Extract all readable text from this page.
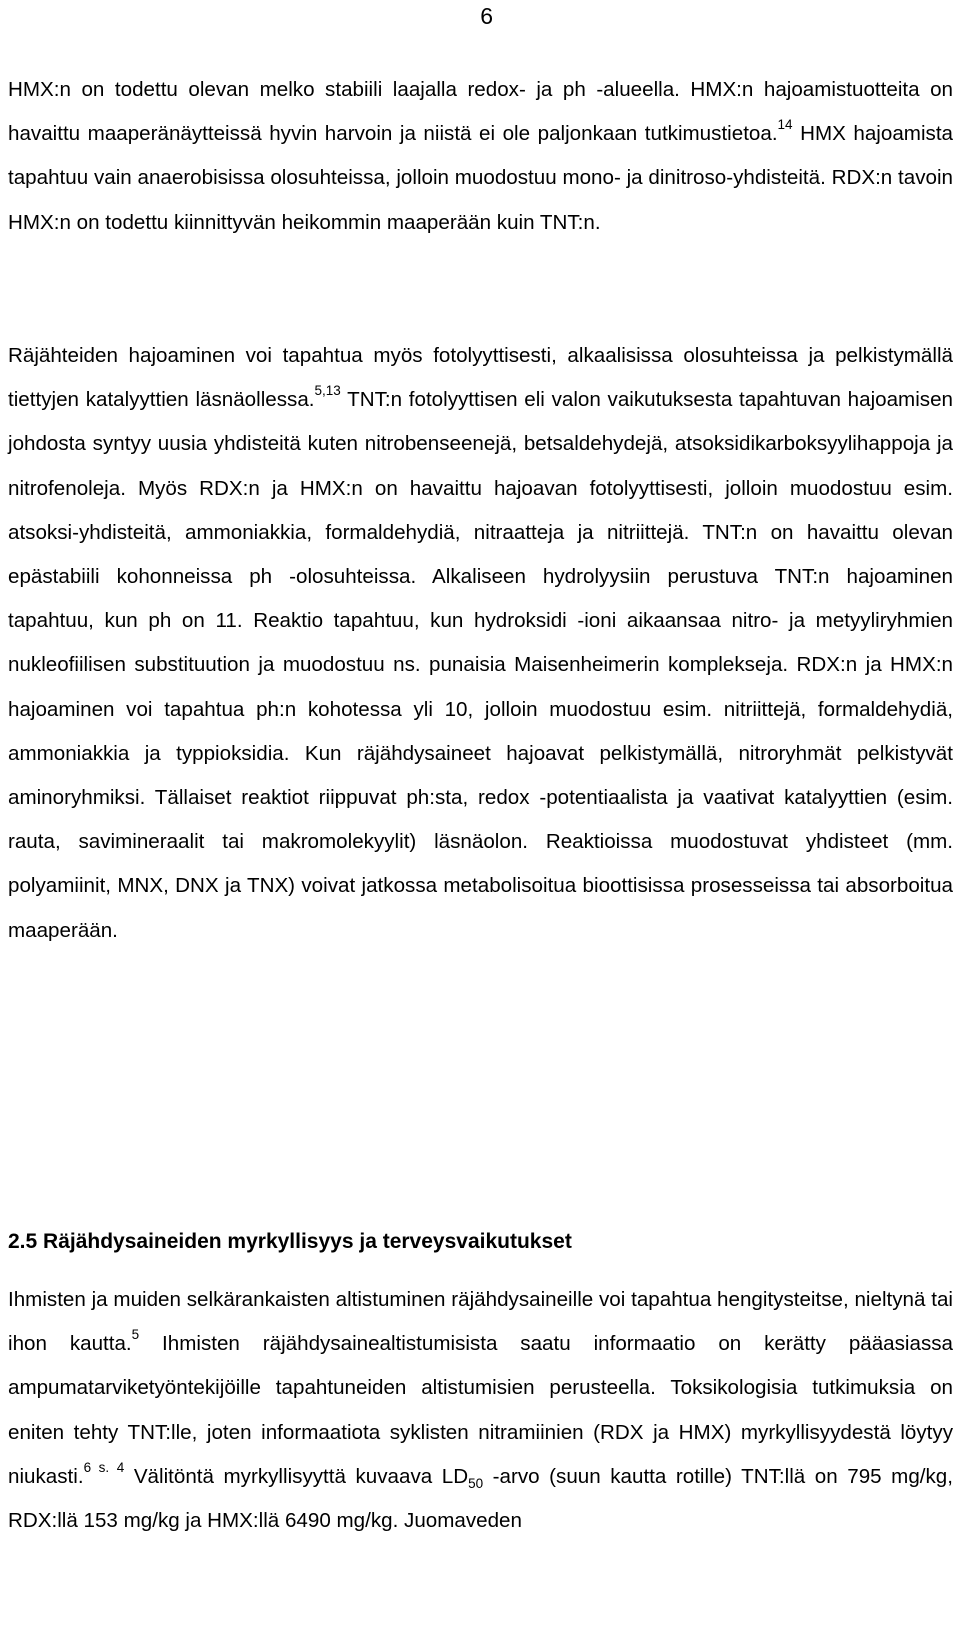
6

HMX:n on todettu olevan melko stabiili laajalla redox- ja ph -alueella. HMX:n hajoamistuotteita on havaittu maaperänäytteissä hyvin harvoin ja niistä ei ole paljonkaan tutkimustietoa.$^{14}$ HMX hajoamista tapahtuu vain anaerobisissa olosuhteissa, jolloin muodostuu mono- ja dinitroso-yhdisteitä. RDX:n tavoin HMX:n on todettu kiinnittyvän heikommin maaperään kuin TNT:n.

Räjähteiden hajoaminen voi tapahtua myös fotolyyttisesti, alkaalisissa olosuhteissa ja pelkistymällä tiettyjen katalyyttien läsnäollessa.$^{5,13}$ TNT:n fotolyyttisen eli valon vaikutuksesta tapahtuvan hajoamisen johdosta syntyy uusia yhdisteitä kuten nitrobenseenejä, betsaldehydejä, atsoksidikarboksyylihappoja ja nitrofenoleja. Myös RDX:n ja HMX:n on havaittu hajoavan fotolyyttisesti, jolloin muodostuu esim. atsoksi-yhdisteitä, ammoniakkia, formaldehydiä, nitraatteja ja nitriittejä. TNT:n on havaittu olevan epästabiili kohonneissa ph -olosuhteissa. Alkaliseen hydrolyysiin perustuva TNT:n hajoaminen tapahtuu, kun ph on 11. Reaktio tapahtuu, kun hydroksidi -ioni aikaansaa nitro- ja metyyliryhmien nukleofiilisen substituution ja muodostuu ns. punaisia Maisenheimerin komplekseja. RDX:n ja HMX:n hajoaminen voi tapahtua ph:n kohotessa yli 10, jolloin muodostuu esim. nitriittejä, formaldehydiä, ammoniakkia ja typpioksidia. Kun räjähdysaineet hajoavat pelkistymällä, nitroryhmät pelkistyvät aminoryhmiksi. Tällaiset reaktiot riippuvat ph:sta, redox -potentiaalista ja vaativat katalyyttien (esim. rauta, savimineraalit tai makromolekyylit) läsnäolon. Reaktioissa muodostuvat yhdisteet (mm. polyamiinit, MNX, DNX ja TNX) voivat jatkossa metabolisoitua bioottisissa prosesseissa tai absorboitua maaperään.

2.5 Räjähdysaineiden myrkyllisyys ja terveysvaikutukset

Ihmisten ja muiden selkärankaisten altistuminen räjähdysaineille voi tapahtua hengitysteitse, nieltynä tai ihon kautta.$^5$ Ihmisten räjähdysainealtistumisista saatu informaatio on kerätty pääasiassa ampumatarviketyöntekijöille tapahtuneiden altistumisien perusteella. Toksikologisia tutkimuksia on eniten tehty TNT:lle, joten informaatiota syklisten nitramiinien (RDX ja HMX) myrkyllisyydestä löytyy niukasti.$^{6 s. 4}$ Välitöntä myrkyllisyyttä kuvaava $LD_{50}$ -arvo (suun kautta rotille) TNT:llä on 795 mg/kg, RDX:llä 153 mg/kg ja HMX:llä 6490 mg/kg. Juomaveden
